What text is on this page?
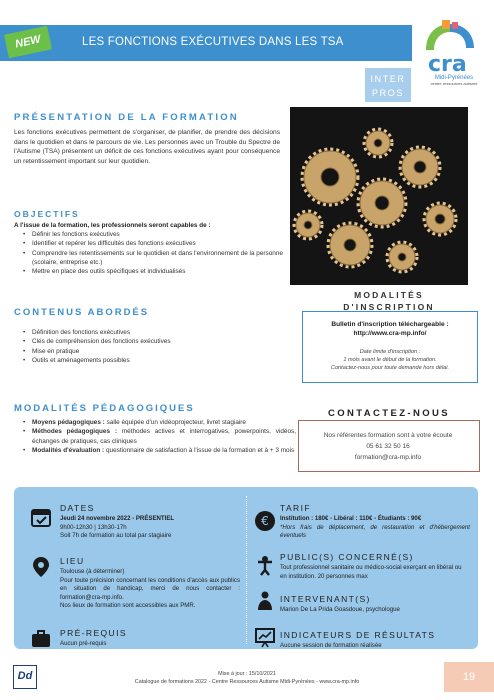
NEW	LES FONCTIONS EXÉCUTIVES DANS LES TSA
cra
Midi-Pyrénées
centre ressources autisme
INTER
PROS
PRÉSENTATION DE LA FORMATION
Les fonctions exécutives permettent de s'organiser, de planifier, de prendre des décisions dans le quotidien et dans le parcours de vie. Les personnes avec un Trouble du Spectre de l'Autisme (TSA) présentent un déficit de ces fonctions exécutives ayant pour conséquence un retentissement important sur leur quotidien.
OBJECTIFS
A l'issue de la formation, les professionnels seront capables de :
• Définir les fonctions exécutives
• Identifier et repérer les difficultés des fonctions exécutives
• Comprendre les retentissements sur le quotidien et dans l'environnement de la personne (scolaire, entreprise etc.)
• Mettre en place des outils spécifiques et individualisés
CONTENUS ABORDÉS
• Définition des fonctions exécutives
• Clés de compréhension des fonctions exécutives
• Mise en pratique
• Outils et aménagements possibles
MODALITÉS
D'INSCRIPTION
Bulletin d'inscription téléchargeable :
http://www.cra-mp.info/
Date limite d'inscription :
1 mois avant le début de la formation.
Contactez-nous pour toute demande hors délai.
MODALITÉS PÉDAGOGIQUES
• Moyens pédagogiques : salle équipée d'un vidéoprojecteur, livret stagiaire
• Méthodes pédagogiques : méthodes actives et interrogatives, powerpoints, vidéos, échanges de pratiques, cas cliniques
• Modalités d'évaluation : questionnaire de satisfaction à l'issue de la formation et à + 3 mois
CONTACTEZ-NOUS
Nos référentes formation sont à votre écoute
05 61 32 50 16
formation@cra-mp.info
DATES
Jeudi 24 novembre 2022 - PRÉSENTIEL
9h00-12h30 | 13h30-17h
Soit 7h de formation au total par stagiaire
LIEU
Toulouse (à déterminer)
Pour toute précision concernant les conditions d'accès aux publics en situation de handicap, merci de nous contacter : formation@cra-mp.info.
Nos lieux de formation sont accessibles aux PMR.
PRÉ-REQUIS
Aucun pré-requis
€
TARIF
Institution : 180€ - Libéral : 110€ - Étudiants : 90€
*Hors frais de déplacement, de restauration et d'hébergement éventuels
PUBLIC(S) CONCERNÉ(S)
Tout professionnel sanitaire ou médico-social exerçant en libéral ou en institution. 20 personnes max
INTERVENANT(S)
Marion De La Prida Goasdoue, psychologue
INDICATEURS DE RÉSULTATS
Aucune session de formation réalisée
Dd	Mise à jour : 15/10/2021
Catalogue de formations 2022 - Centre Ressources Autisme Midi-Pyrénées - www.cra-mp.info	19
